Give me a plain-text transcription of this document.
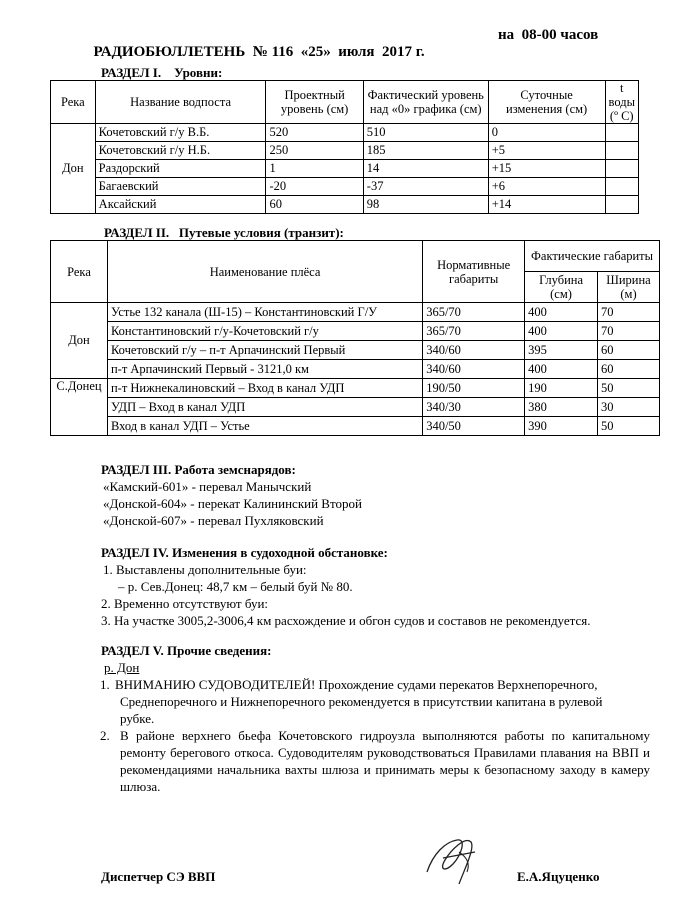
РАДИОБЮЛЛЕТЕНЬ  № 116  «25»  июля  2017 г.

на  08-00 часов

РАЗДЕЛ I.    Уровни:
Река	Название водпоста	Проектный уровень (см)	Фактический уровень над «0» графика (см)	Суточные изменения (см)	t воды (º С)
Дон	Кочетовский г/у В.Б.	520	510	0	
	Кочетовский г/у Н.Б.	250	185	+5	
	Раздорский	1	14	+15	
	Багаевский	-20	-37	+6	
	Аксайский	60	98	+14	
РАЗДЕЛ II.   Путевые условия (транзит):
Река	Наименование плёса	Нормативные габариты	Фактические габариты	
			Глубина (см)	Ширина (м)
Дон	Устье 132 канала (Ш-15) – Константиновский Г/У	365/70	400	70
	Константиновский г/у-Кочетовский г/у	365/70	400	70
	Кочетовский г/у – п-т Арпачинский Первый	340/60	395	60
	п-т Арпачинский Первый - 3121,0 км	340/60	400	60
С.Донец	п-т Нижнекалиновский – Вход в канал УДП	190/50	190	50
	УДП – Вход в канал УДП	340/30	380	30
	Вход в канал УДП – Устье	340/50	390	50
РАЗДЕЛ III. Работа земснарядов:
«Камский-601» - перевал Манычский
«Донской-604» - перекат Калининский Второй
«Донской-607» - перевал Пухляковский
РАЗДЕЛ IV. Изменения в судоходной обстановке:
1. Выставлены дополнительные буи:
– р. Сев.Донец: 48,7 км – белый буй № 80.
2. Временно отсутствуют буи:
3. На участке 3005,2-3006,4 км расхождение и обгон судов и составов не рекомендуется.
РАЗДЕЛ V. Прочие сведения:
р. Дон
1. ВНИМАНИЮ СУДОВОДИТЕЛЕЙ! Прохождение судами перекатов Верхнепоречного,
Среднепоречного и Нижнепоречного рекомендуется в присутствии капитана в рулевой
рубке.
2. В районе верхнего бьефа Кочетовского гидроузла выполняются работы по капитальному ремонту берегового откоса. Судоводителям руководствоваться Правилами плавания на ВВП и рекомендациями начальника вахты шлюза и принимать меры к безопасному заходу в камеру шлюза.
Диспетчер СЭ ВВП	Е.А.Яцуценко
